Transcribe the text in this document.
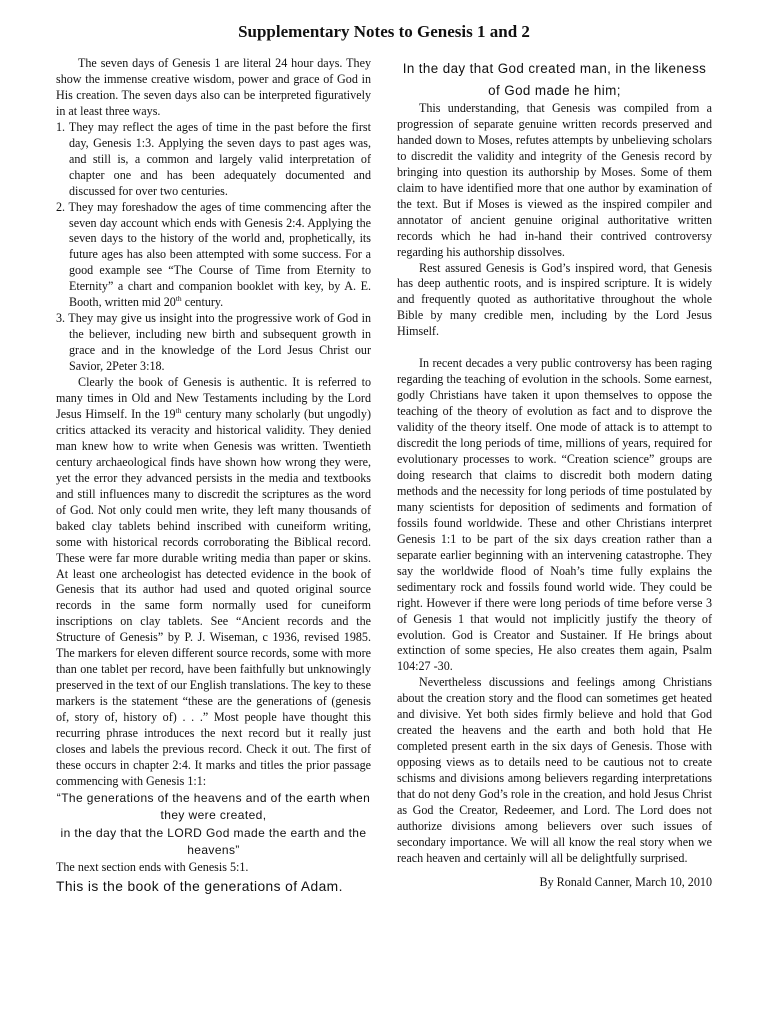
Supplementary Notes to Genesis 1 and 2

The seven days of Genesis 1 are literal 24 hour days. They show the immense creative wisdom, power and grace of God in His creation. The seven days also can be interpreted figuratively in at least three ways.

1. They may reflect the ages of time in the past before the first day, Genesis 1:3. Applying the seven days to past ages was, and still is, a common and largely valid interpretation of chapter one and has been adequately documented and discussed for over two centuries.

2. They may foreshadow the ages of time commencing after the seven day account which ends with Genesis 2:4. Applying the seven days to the history of the world and, prophetically, its future ages has also been attempted with some success. For a good example see “The Course of Time from Eternity to Eternity” a chart and companion booklet with key, by A. E. Booth, written mid 20th century.

3. They may give us insight into the progressive work of God in the believer, including new birth and subsequent growth in grace and in the knowledge of the Lord Jesus Christ our Savior, 2Peter 3:18.

Clearly the book of Genesis is authentic. It is referred to many times in Old and New Testaments including by the Lord Jesus Himself. In the 19th century many scholarly (but ungodly) critics attacked its veracity and historical validity. They denied man knew how to write when Genesis was written. Twentieth century archaeological finds have shown how wrong they were, yet the error they advanced persists in the media and textbooks and still influences many to discredit the scriptures as the word of God. Not only could men write, they left many thousands of baked clay tablets behind inscribed with cuneiform writing, some with historical records corroborating the Biblical record. These were far more durable writing media than paper or skins. At least one archeologist has detected evidence in the book of Genesis that its author had used and quoted original source records in the same form normally used for cuneiform inscriptions on clay tablets. See “Ancient records and the Structure of Genesis” by P. J. Wiseman, c 1936, revised 1985. The markers for eleven different source records, some with more than one tablet per record, have been faithfully but unknowingly preserved in the text of our English translations. The key to these markers is the statement “these are the generations of (genesis of, story of, history of) . . .” Most people have thought this recurring phrase introduces the next record but it really just closes and labels the previous record. Check it out. The first of these occurs in chapter 2:4. It marks and titles the prior passage commencing with Genesis 1:1:

“The generations of the heavens and of the earth when they were created,

in the day that the LORD God made the earth and the heavens”

The next section ends with Genesis 5:1.

This is the book of the generations of Adam.

In the day that God created man, in the likeness of God made he him;

This understanding, that Genesis was compiled from a progression of separate genuine written records preserved and handed down to Moses, refutes attempts by unbelieving scholars to discredit the validity and integrity of the Genesis record by bringing into question its authorship by Moses. Some of them claim to have identified more that one author by examination of the text. But if Moses is viewed as the inspired compiler and annotator of ancient genuine original authoritative written records which he had in-hand their contrived controversy regarding his authorship dissolves.

Rest assured Genesis is God’s inspired word, that Genesis has deep authentic roots, and is inspired scripture. It is widely and frequently quoted as authoritative throughout the whole Bible by many credible men, including by the Lord Jesus Himself.

In recent decades a very public controversy has been raging regarding the teaching of evolution in the schools. Some earnest, godly Christians have taken it upon themselves to oppose the teaching of the theory of evolution as fact and to disprove the validity of the theory itself. One mode of attack is to attempt to discredit the long periods of time, millions of years, required for evolutionary processes to work. “Creation science” groups are doing research that claims to discredit both modern dating methods and the necessity for long periods of time postulated by many scientists for deposition of sediments and formation of fossils found worldwide. These and other Christians interpret Genesis 1:1 to be part of the six days creation rather than a separate earlier beginning with an intervening catastrophe. They say the worldwide flood of Noah’s time fully explains the sedimentary rock and fossils found world wide. They could be right. However if there were long periods of time before verse 3 of Genesis 1 that would not implicitly justify the theory of evolution. God is Creator and Sustainer. If He brings about extinction of some species, He also creates them again, Psalm 104:27 -30.

Nevertheless discussions and feelings among Christians about the creation story and the flood can sometimes get heated and divisive. Yet both sides firmly believe and hold that God created the heavens and the earth and both hold that He completed present earth in the six days of Genesis. Those with opposing views as to details need to be cautious not to create schisms and divisions among believers regarding interpretations that do not deny God’s role in the creation, and hold Jesus Christ as God the Creator, Redeemer, and Lord. The Lord does not authorize divisions among believers over such issues of secondary importance. We will all know the real story when we reach heaven and certainly will all be delightfully surprised.

By Ronald Canner, March 10, 2010
